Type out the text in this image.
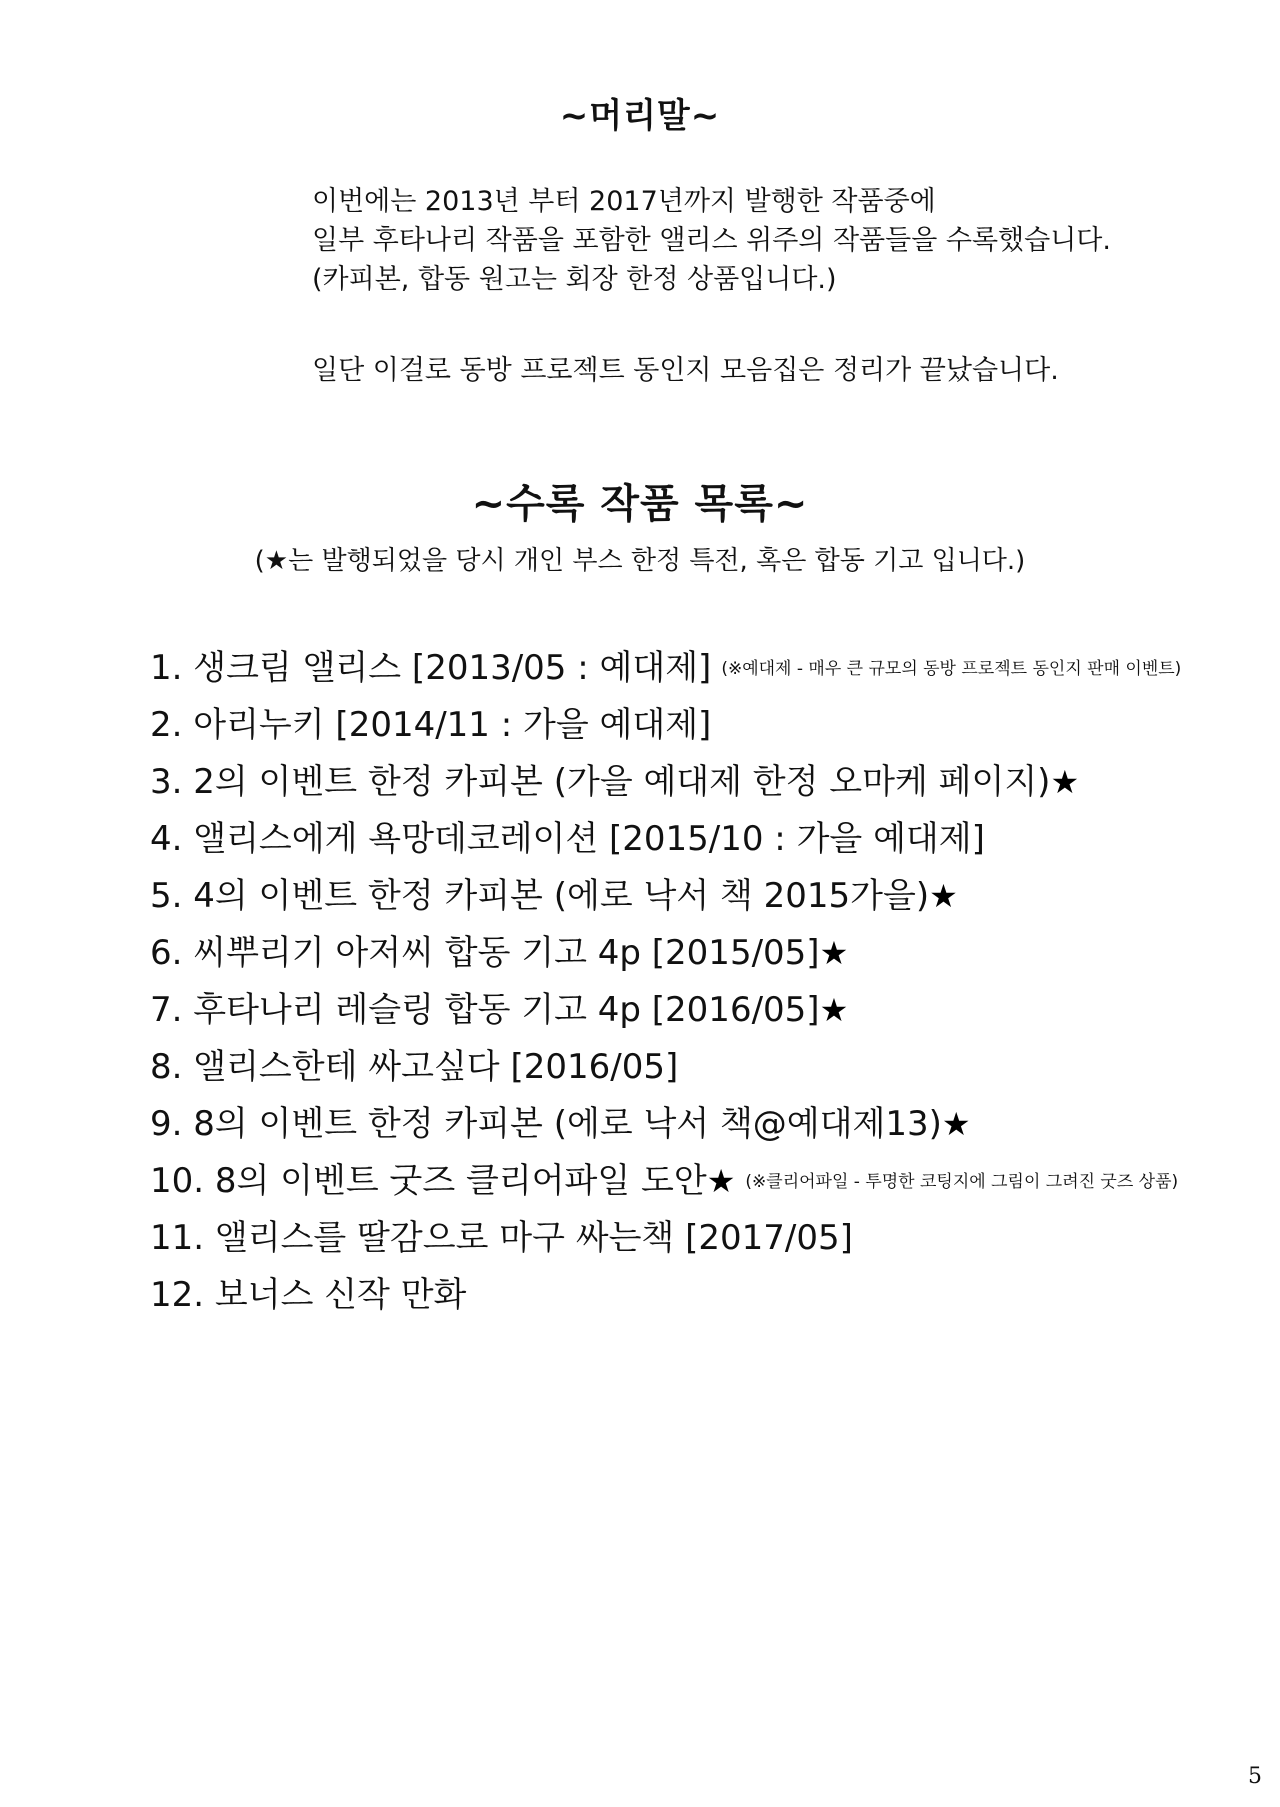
~머리말~

이번에는 2013년 부터 2017년까지 발행한 작품중에

일부 후타나리 작품을 포함한 앨리스 위주의 작품들을 수록했습니다.

(카피본, 합동 원고는 회장 한정 상품입니다.)

일단 이걸로 동방 프로젝트 동인지 모음집은 정리가 끝났습니다.

~수록 작품 목록~
(★는 발행되었을 당시 개인 부스 한정 특전, 혹은 합동 기고 입니다.)
1. 생크림 앨리스 [2013/05 : 예대제] (※예대제 - 매우 큰 규모의 동방 프로젝트 동인지 판매 이벤트)
2. 아리누키 [2014/11 : 가을 예대제]
3. 2의 이벤트 한정 카피본 (가을 예대제 한정 오마케 페이지)★
4. 앨리스에게 욕망데코레이션 [2015/10 : 가을 예대제]
5. 4의 이벤트 한정 카피본 (에로 낙서 책 2015가을)★
6. 씨뿌리기 아저씨 합동 기고 4p [2015/05]★
7. 후타나리 레슬링 합동 기고 4p [2016/05]★
8. 앨리스한테 싸고싶다 [2016/05]
9. 8의 이벤트 한정 카피본 (에로 낙서 책@예대제13)★
10. 8의 이벤트 굿즈 클리어파일 도안★ (※클리어파일 - 투명한 코팅지에 그림이 그려진 굿즈 상품)
11. 앨리스를 딸감으로 마구 싸는책 [2017/05]
12. 보너스 신작 만화
5
